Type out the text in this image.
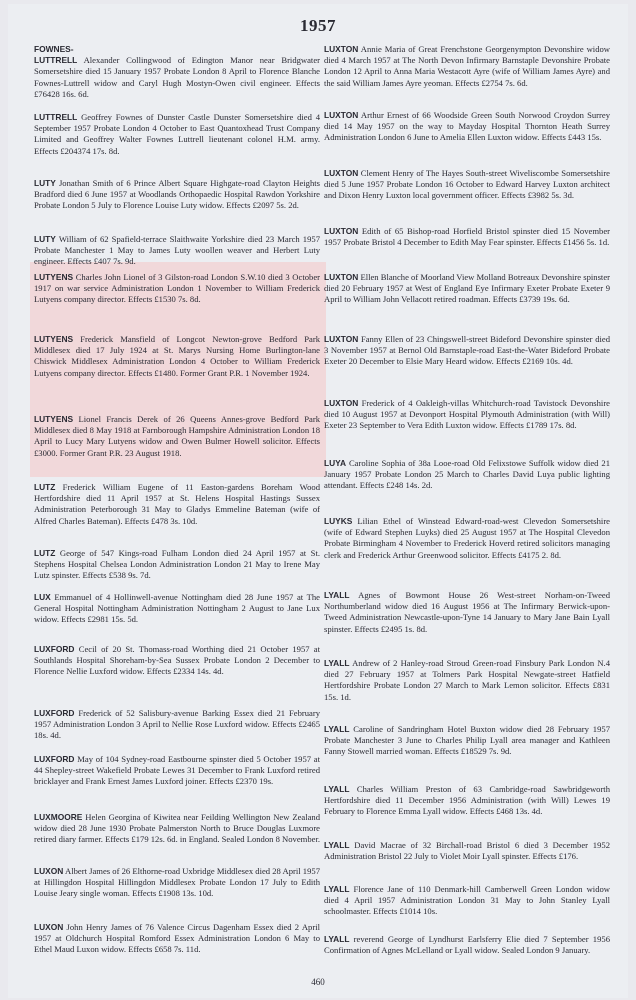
1957
FOWNES-
LUTTRELL Alexander Collingwood of Edington Manor near Bridgwater Somersetshire died 15 January 1957 Probate London 8 April to Florence Blanche Fownes-Luttrell widow and Caryl Hugh Mostyn-Owen civil engineer. Effects £76428 16s. 6d.
LUTTRELL Geoffrey Fownes of Dunster Castle Dunster Somersetshire died 4 September 1957 Probate London 4 October to East Quantoxhead Trust Company Limited and Geoffrey Walter Fownes Luttrell lieutenant colonel H.M. army. Effects £204374 17s. 8d.
LUTY Jonathan Smith of 6 Prince Albert Square Highgate-road Clayton Heights Bradford died 6 June 1957 at Woodlands Orthopaedic Hospital Rawdon Yorkshire Probate London 5 July to Florence Louise Luty widow. Effects £2097 5s. 2d.
LUTY William of 62 Spafield-terrace Slaithwaite Yorkshire died 23 March 1957 Probate Manchester 1 May to James Luty woollen weaver and Herbert Luty engineer. Effects £407 7s. 9d.
LUTYENS Charles John Lionel of 3 Gilston-road London S.W.10 died 3 October 1917 on war service Administration London 1 November to William Frederick Lutyens company director. Effects £1530 7s. 8d.
LUTYENS Frederick Mansfield of Longcot Newton-grove Bedford Park Middlesex died 17 July 1924 at St. Marys Nursing Home Burlington-lane Chiswick Middlesex Administration London 4 October to William Frederick Lutyens company director. Effects £1480. Former Grant P.R. 1 November 1924.
LUTYENS Lionel Francis Derek of 26 Queens Annes-grove Bedford Park Middlesex died 8 May 1918 at Farnborough Hampshire Administration London 18 April to Lucy Mary Lutyens widow and Owen Bulmer Howell solicitor. Effects £3000. Former Grant P.R. 23 August 1918.
LUTZ Frederick William Eugene of 11 Easton-gardens Boreham Wood Hertfordshire died 11 April 1957 at St. Helens Hospital Hastings Sussex Administration Peterborough 31 May to Gladys Emmeline Bateman (wife of Alfred Charles Bateman). Effects £478 3s. 10d.
LUTZ George of 547 Kings-road Fulham London died 24 April 1957 at St. Stephens Hospital Chelsea London Administration London 21 May to Irene May Lutz spinster. Effects £538 9s. 7d.
LUX Emmanuel of 4 Hollinwell-avenue Nottingham died 28 June 1957 at The General Hospital Nottingham Administration Nottingham 2 August to Jane Lux widow. Effects £2981 15s. 5d.
LUXFORD Cecil of 20 St. Thomass-road Worthing died 21 October 1957 at Southlands Hospital Shoreham-by-Sea Sussex Probate London 2 December to Florence Nellie Luxford widow. Effects £2334 14s. 4d.
LUXFORD Frederick of 52 Salisbury-avenue Barking Essex died 21 February 1957 Administration London 3 April to Nellie Rose Luxford widow. Effects £2465 18s. 4d.
LUXFORD May of 104 Sydney-road Eastbourne spinster died 5 October 1957 at 44 Shepley-street Wakefield Probate Lewes 31 December to Frank Luxford retired bricklayer and Frank Ernest James Luxford joiner. Effects £2370 19s.
LUXMOORE Helen Georgina of Kiwitea near Feilding Wellington New Zealand widow died 28 June 1930 Probate Palmerston North to Bruce Douglas Luxmore retired diary farmer. Effects £179 12s. 6d. in England. Sealed London 8 November.
LUXON Albert James of 26 Elthorne-road Uxbridge Middlesex died 28 April 1957 at Hillingdon Hospital Hillingdon Middlesex Probate London 17 July to Edith Louise Jeary single woman. Effects £1908 13s. 10d.
LUXON John Henry James of 76 Valence Circus Dagenham Essex died 2 April 1957 at Oldchurch Hospital Romford Essex Administration London 6 May to Ethel Maud Luxon widow. Effects £658 7s. 11d.
LUXTON Annie Maria of Great Frenchstone Georgenympton Devonshire widow died 4 March 1957 at The North Devon Infirmary Barnstaple Devonshire Probate London 12 April to Anna Maria Westacott Ayre (wife of William James Ayre) and the said William James Ayre yeoman. Effects £2754 7s. 6d.
LUXTON Arthur Ernest of 66 Woodside Green South Norwood Croydon Surrey died 14 May 1957 on the way to Mayday Hospital Thornton Heath Surrey Administration London 6 June to Amelia Ellen Luxton widow. Effects £443 15s.
LUXTON Clement Henry of The Hayes South-street Wiveliscombe Somersetshire died 5 June 1957 Probate London 16 October to Edward Harvey Luxton architect and Dixon Henry Luxton local government officer. Effects £3982 5s. 3d.
LUXTON Edith of 65 Bishop-road Horfield Bristol spinster died 15 November 1957 Probate Bristol 4 December to Edith May Fear spinster. Effects £1456 5s. 1d.
LUXTON Ellen Blanche of Moorland View Molland Botreaux Devonshire spinster died 20 February 1957 at West of England Eye Infirmary Exeter Probate Exeter 9 April to William John Vellacott retired roadman. Effects £3739 19s. 6d.
LUXTON Fanny Ellen of 23 Chingswell-street Bideford Devonshire spinster died 3 November 1957 at Bernol Old Barnstaple-road East-the-Water Bideford Probate Exeter 20 December to Elsie Mary Heard widow. Effects £2169 10s. 4d.
LUXTON Frederick of 4 Oakleigh-villas Whitchurch-road Tavistock Devonshire died 10 August 1957 at Devonport Hospital Plymouth Administration (with Will) Exeter 23 September to Vera Edith Luxton widow. Effects £1789 17s. 8d.
LUYA Caroline Sophia of 38a Looe-road Old Felixstowe Suffolk widow died 21 January 1957 Probate London 25 March to Charles David Luya public lighting attendant. Effects £248 14s. 2d.
LUYKS Lilian Ethel of Winstead Edward-road-west Clevedon Somersetshire (wife of Edward Stephen Luyks) died 25 August 1957 at The Hospital Clevedon Probate Birmingham 4 November to Frederick Hoverd retired solicitors managing clerk and Frederick Arthur Greenwood solicitor. Effects £4175 2. 8d.
LYALL Agnes of Bowmont House 26 West-street Norham-on-Tweed Northumberland widow died 16 August 1956 at The Infirmary Berwick-upon-Tweed Administration Newcastle-upon-Tyne 14 January to Mary Jane Bain Lyall spinster. Effects £2495 1s. 8d.
LYALL Andrew of 2 Hanley-road Stroud Green-road Finsbury Park London N.4 died 27 February 1957 at Tolmers Park Hospital Newgate-street Hatfield Hertfordshire Probate London 27 March to Mark Lemon solicitor. Effects £831 15s. 1d.
LYALL Caroline of Sandringham Hotel Buxton widow died 28 February 1957 Probate Manchester 3 June to Charles Philip Lyall area manager and Kathleen Fanny Stowell married woman. Effects £18529 7s. 9d.
LYALL Charles William Preston of 63 Cambridge-road Sawbridgeworth Hertfordshire died 11 December 1956 Administration (with Will) Lewes 19 February to Florence Emma Lyall widow. Effects £468 13s. 4d.
LYALL David Macrae of 32 Birchall-road Bristol 6 died 3 December 1952 Administration Bristol 22 July to Violet Moir Lyall spinster. Effects £176.
LYALL Florence Jane of 110 Denmark-hill Camberwell Green London widow died 4 April 1957 Administration London 31 May to John Stanley Lyall schoolmaster. Effects £1014 10s.
LYALL reverend George of Lyndhurst Earlsferry Elie died 7 September 1956 Confirmation of Agnes McLelland or Lyall widow. Sealed London 9 January.
460
